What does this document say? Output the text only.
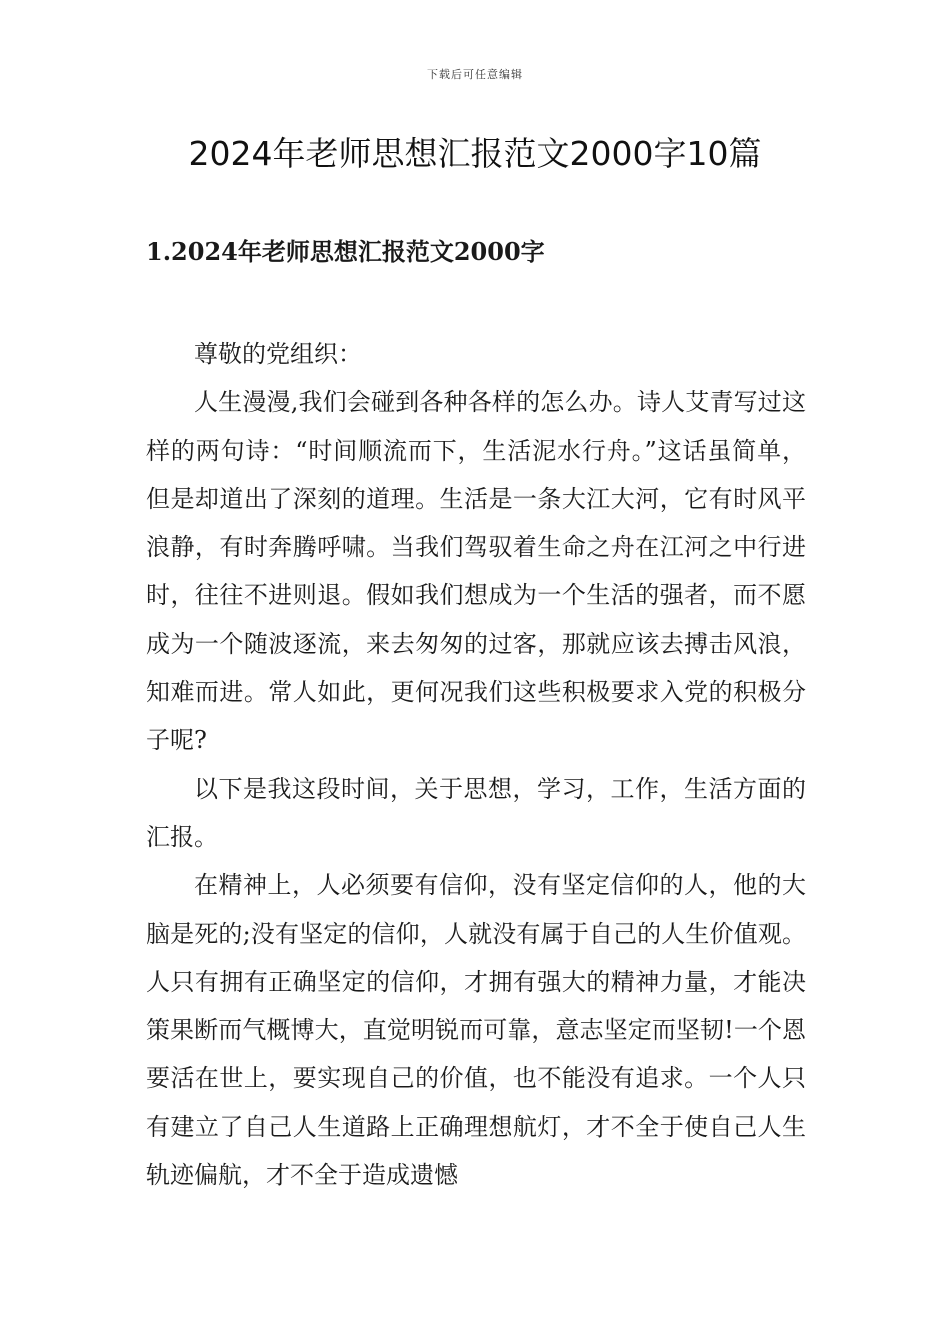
下载后可任意编辑
2024年老师思想汇报范文2000字10篇
1.2024年老师思想汇报范文2000字

尊敬的党组织：

人生漫漫,我们会碰到各种各样的怎么办。诗人艾青写过这样的两句诗：“时间顺流而下，生活泥水行舟。”这话虽简单，但是却道出了深刻的道理。生活是一条大江大河，它有时风平浪静，有时奔腾呼啸。当我们驾驭着生命之舟在江河之中行进时，往往不进则退。假如我们想成为一个生活的强者，而不愿成为一个随波逐流，来去匆匆的过客，那就应该去搏击风浪，知难而进。常人如此，更何况我们这些积极要求入党的积极分子呢?

以下是我这段时间，关于思想，学习，工作，生活方面的汇报。

在精神上，人必须要有信仰，没有坚定信仰的人，他的大脑是死的;没有坚定的信仰，人就没有属于自己的人生价值观。人只有拥有正确坚定的信仰，才拥有强大的精神力量，才能决策果断而气概博大，直觉明锐而可靠，意志坚定而坚韧!一个恩要活在世上，要实现自己的价值，也不能没有追求。一个人只有建立了自己人生道路上正确理想航灯，才不全于使自己人生轨迹偏航，才不全于造成遗憾
